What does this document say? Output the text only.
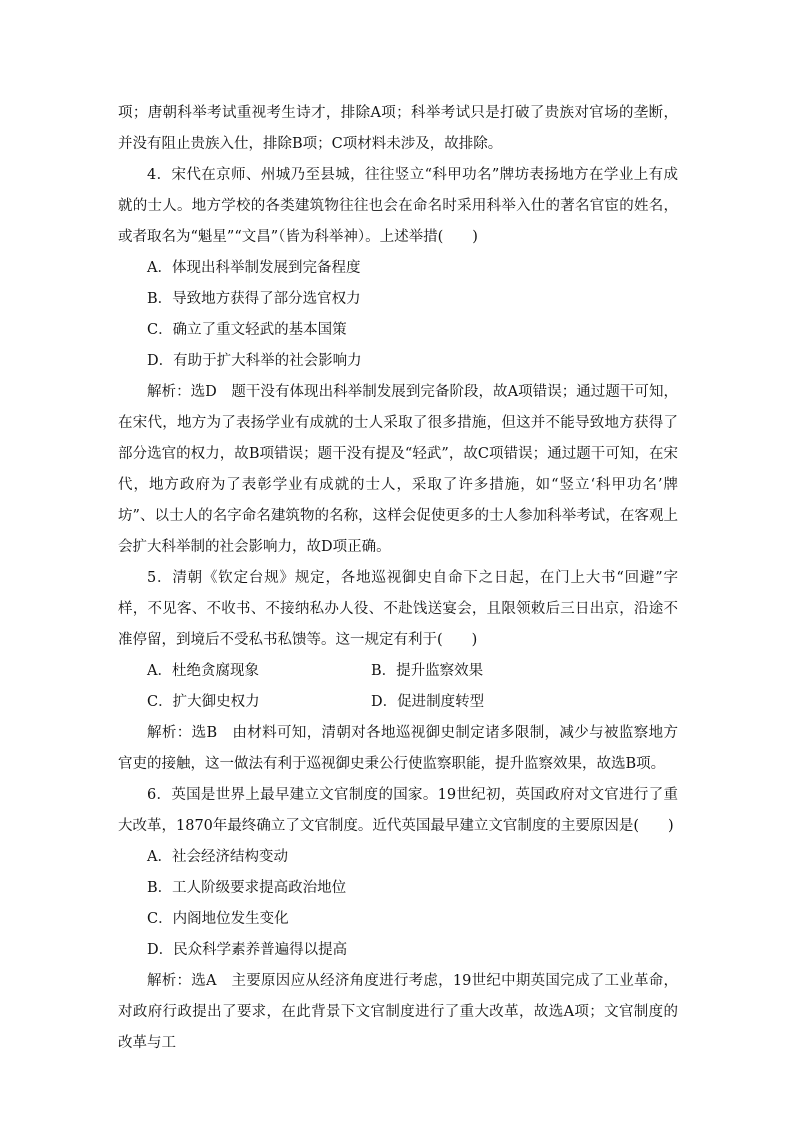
项；唐朝科举考试重视考生诗才，排除A项；科举考试只是打破了贵族对官场的垄断，并没有阻止贵族入仕，排除B项；C项材料未涉及，故排除。

4．宋代在京师、州城乃至县城，往往竖立“科甲功名”牌坊表扬地方在学业上有成就的士人。地方学校的各类建筑物往往也会在命名时采用科举入仕的著名官宦的姓名，或者取名为“魁星”“文昌”（皆为科举神）。上述举措(　　)

A．体现出科举制发展到完备程度

B．导致地方获得了部分选官权力

C．确立了重文轻武的基本国策

D．有助于扩大科举的社会影响力

解析：选D　题干没有体现出科举制发展到完备阶段，故A项错误；通过题干可知，在宋代，地方为了表扬学业有成就的士人采取了很多措施，但这并不能导致地方获得了部分选官的权力，故B项错误；题干没有提及“轻武”，故C项错误；通过题干可知，在宋代，地方政府为了表彰学业有成就的士人，采取了许多措施，如“竖立‘科甲功名’牌坊”、以士人的名字命名建筑物的名称，这样会促使更多的士人参加科举考试，在客观上会扩大科举制的社会影响力，故D项正确。

5．清朝《钦定台规》规定，各地巡视御史自命下之日起，在门上大书“回避”字样，不见客、不收书、不接纳私办人役、不赴饯送宴会，且限领敕后三日出京，沿途不准停留，到境后不受私书私馈等。这一规定有利于(　　)

A．杜绝贪腐现象	B．提升监察效果

C．扩大御史权力	D．促进制度转型

解析：选B　由材料可知，清朝对各地巡视御史制定诸多限制，减少与被监察地方官吏的接触，这一做法有利于巡视御史秉公行使监察职能，提升监察效果，故选B项。

6．英国是世界上最早建立文官制度的国家。19世纪初，英国政府对文官进行了重大改革，1870年最终确立了文官制度。近代英国最早建立文官制度的主要原因是(　　)

A．社会经济结构变动

B．工人阶级要求提高政治地位

C．内阁地位发生变化

D．民众科学素养普遍得以提高

解析：选A　主要原因应从经济角度进行考虑，19世纪中期英国完成了工业革命，对政府行政提出了要求，在此背景下文官制度进行了重大改革，故选A项；文官制度的改革与工
